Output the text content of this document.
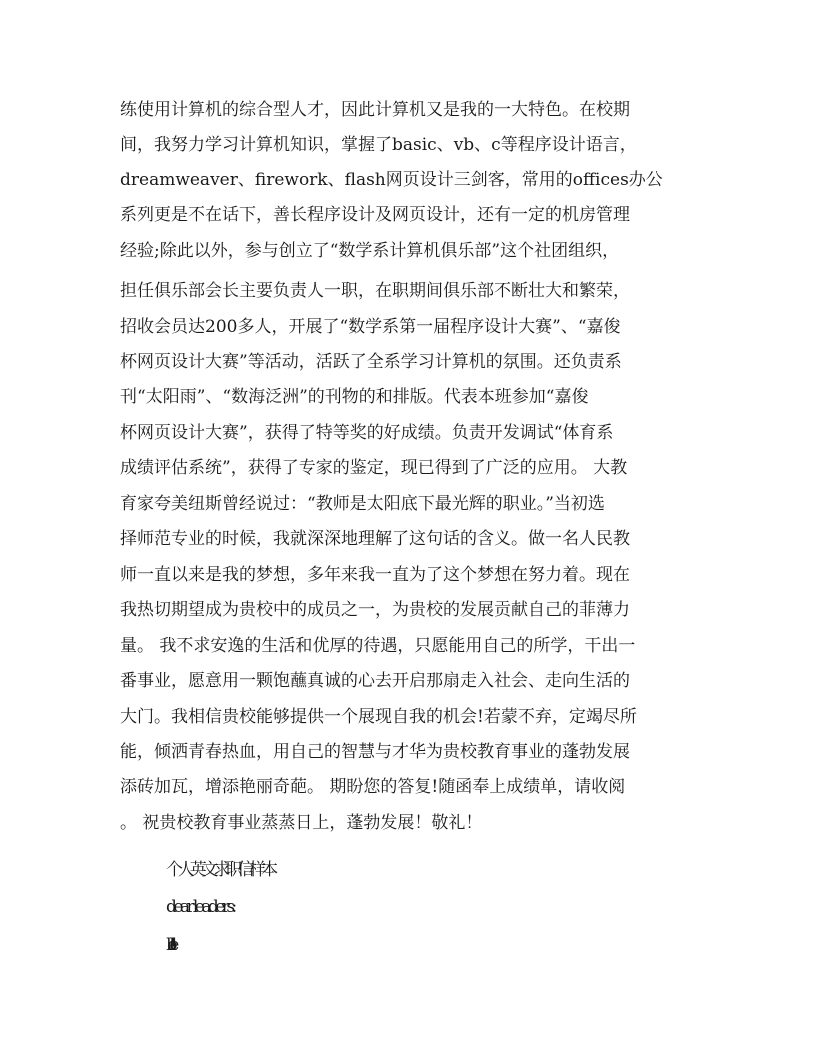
练使用计算机的综合型人才，因此计算机又是我的一大特色。在校期
间，我努力学习计算机知识，掌握了basic、vb、c等程序设计语言，
dreamweaver、firework、flash网页设计三剑客，常用的offices办公
系列更是不在话下，善长程序设计及网页设计，还有一定的机房管理
经验;除此以外，参与创立了“数学系计算机俱乐部”这个社团组织，
担任俱乐部会长主要负责人一职，在职期间俱乐部不断壮大和繁荣，
招收会员达200多人，开展了“数学系第一届程序设计大赛”、“嘉俊
杯网页设计大赛”等活动，活跃了全系学习计算机的氛围。还负责系
刊“太阳雨”、“数海泛洲”的刊物的和排版。代表本班参加“嘉俊
杯网页设计大赛”，获得了特等奖的好成绩。负责开发调试“体育系
成绩评估系统”，获得了专家的鉴定，现已得到了广泛的应用。 大教
育家夸美纽斯曾经说过：“教师是太阳底下最光辉的职业。”当初选
择师范专业的时候，我就深深地理解了这句话的含义。做一名人民教
师一直以来是我的梦想，多年来我一直为了这个梦想在努力着。现在
我热切期望成为贵校中的成员之一，为贵校的发展贡献自己的菲薄力
量。 我不求安逸的生活和优厚的待遇，只愿能用自己的所学，干出一
番事业，愿意用一颗饱蘸真诚的心去开启那扇走入社会、走向生活的
大门。我相信贵校能够提供一个展现自我的机会!若蒙不弃，定竭尽所
能，倾洒青春热血，用自己的智慧与才华为贵校教育事业的蓬勃发展
添砖加瓦，增添艳丽奇葩。 期盼您的答复!随函奉上成绩单，请收阅
。 祝贵校教育事业蒸蒸日上，蓬勃发展！敬礼！
个人英文求职信样本
dear leaders:
hello!
